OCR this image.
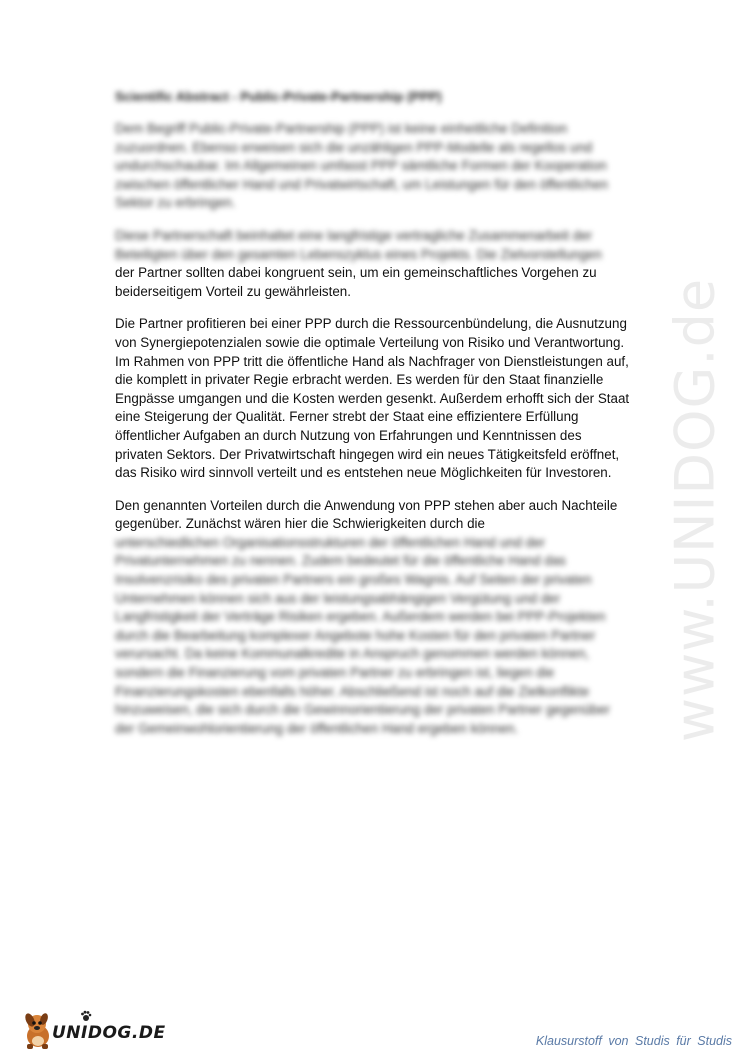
Scientific Abstract - Public-Private-Partnership (PPP)

Dem Begriff Public-Private-Partnership (PPP) ist keine einheitliche Definition zuzuordnen. Ebenso erweisen sich die unzähligen PPP-Modelle als regellos und undurchschaubar. Im Allgemeinen umfasst PPP sämtliche Formen der Kooperation zwischen öffentlicher Hand und Privatwirtschaft, um Leistungen für den öffentlichen Sektor zu erbringen.

Diese Partnerschaft beinhaltet eine langfristige vertragliche Zusammenarbeit der Beteiligten über den gesamten Lebenszyklus eines Projekts. Die Zielvorstellungen

der Partner sollten dabei kongruent sein, um ein gemeinschaftliches Vorgehen zu beiderseitigem Vorteil zu gewährleisten.

Die Partner profitieren bei einer PPP durch die Ressourcenbündelung, die Ausnutzung von Synergiepotenzialen sowie die optimale Verteilung von Risiko und Verantwortung. Im Rahmen von PPP tritt die öffentliche Hand als Nachfrager von Dienstleistungen auf, die komplett in privater Regie erbracht werden. Es werden für den Staat finanzielle Engpässe umgangen und die Kosten werden gesenkt. Außerdem erhofft sich der Staat eine Steigerung der Qualität. Ferner strebt der Staat eine effizientere Erfüllung öffentlicher Aufgaben an durch Nutzung von Erfahrungen und Kenntnissen des privaten Sektors. Der Privatwirtschaft hingegen wird ein neues Tätigkeitsfeld eröffnet, das Risiko wird sinnvoll verteilt und es entstehen neue Möglichkeiten für Investoren.

Den genannten Vorteilen durch die Anwendung von PPP stehen aber auch Nachteile gegenüber. Zunächst wären hier die Schwierigkeiten durch die

unterschiedlichen Organisationsstrukturen der öffentlichen Hand und der Privatunternehmen zu nennen. Zudem bedeutet für die öffentliche Hand das Insolvenzrisiko des privaten Partners ein großes Wagnis. Auf Seiten der privaten Unternehmen können sich aus der leistungsabhängigen Vergütung und der Langfristigkeit der Verträge Risiken ergeben. Außerdem werden bei PPP-Projekten durch die Bearbeitung komplexer Angebote hohe Kosten für den privaten Partner verursacht. Da keine Kommunalkredite in Anspruch genommen werden können, sondern die Finanzierung vom privaten Partner zu erbringen ist, liegen die Finanzierungskosten ebenfalls höher. Abschließend ist noch auf die Zielkonflikte hinzuweisen, die sich durch die Gewinnorientierung der privaten Partner gegenüber der Gemeinwohlorientierung der öffentlichen Hand ergeben können.	www.UNIDOG.de
UNIDOG.DE	Klausurstoff von Studis für Studis
